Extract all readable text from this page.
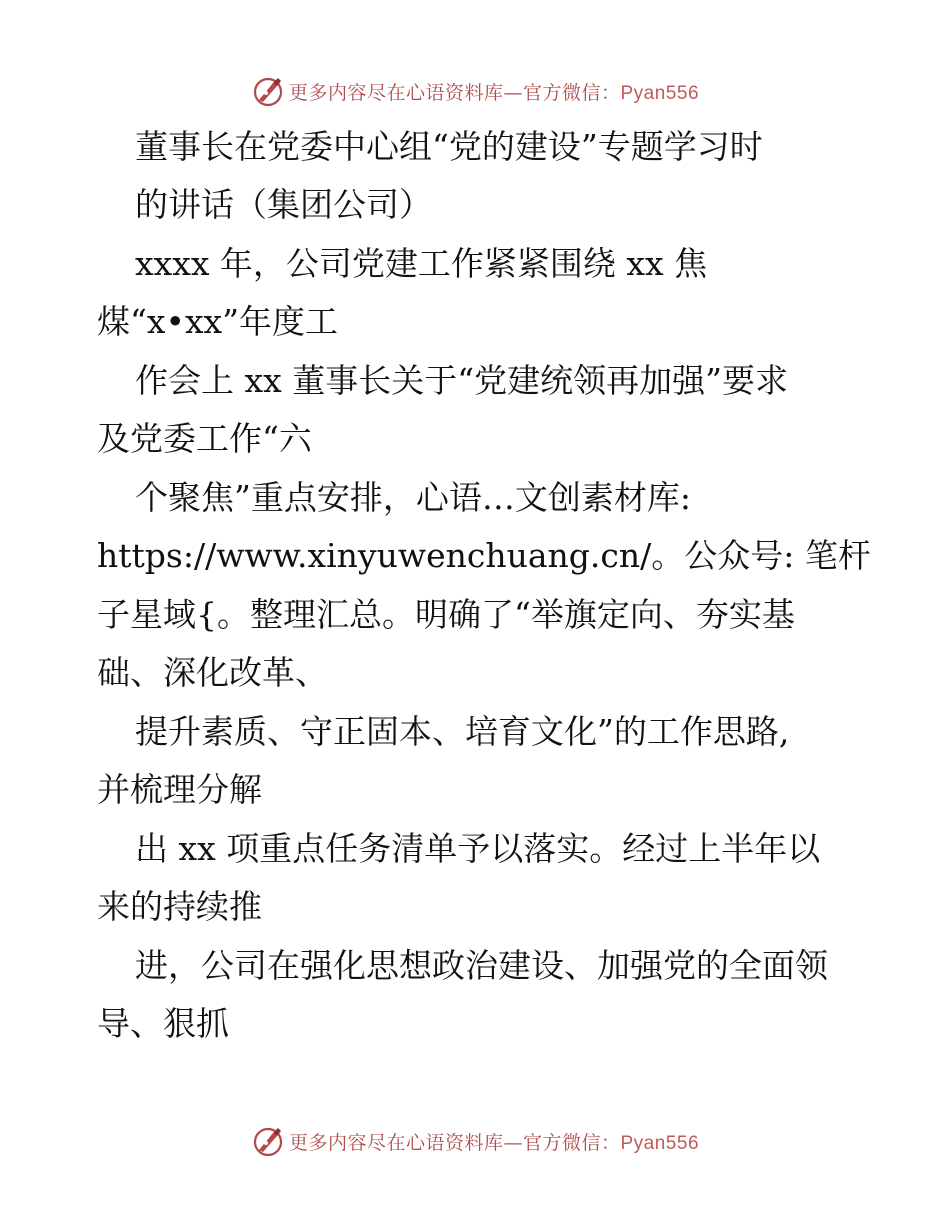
更多内容尽在心语资料库—官方微信：Pyan556
董事长在党委中心组“党的建设”专题学习时
的讲话（集团公司）
xxxx 年，公司党建工作紧紧围绕 xx 焦
煤“x•xx”年度工
作会上 xx 董事长关于“党建统领再加强”要求
及党委工作“六
个聚焦”重点安排，心语…文创素材库:
https://www.xinyuwenchuang.cn/。公众号: 笔杆
子星域{。整理汇总。明确了“举旗定向、夯实基
础、深化改革、
提升素质、守正固本、培育文化”的工作思路,
并梳理分解
出 xx 项重点任务清单予以落实。经过上半年以
来的持续推
进，公司在强化思想政治建设、加强党的全面领
导、狠抓
更多内容尽在心语资料库—官方微信：Pyan556
